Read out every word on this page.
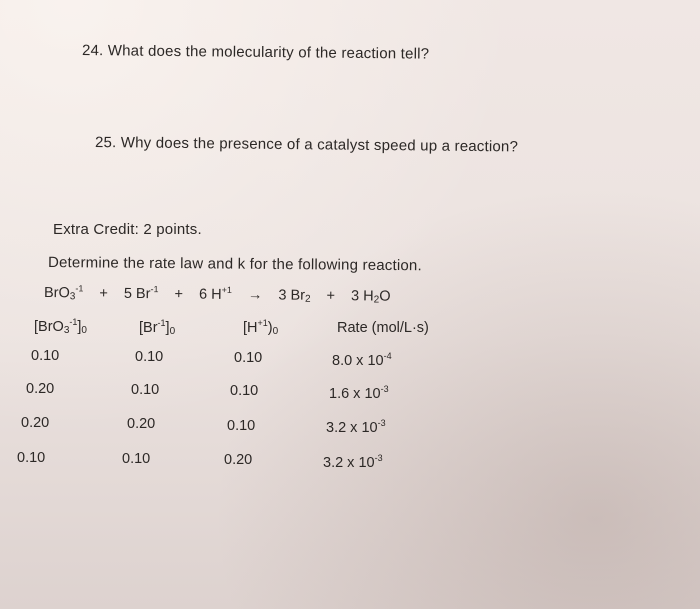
24. What does the molecularity of the reaction tell?
25. Why does the presence of a catalyst speed up a reaction?
Extra Credit: 2 points.
Determine the rate law and k for the following reaction.
BrO$_3^{-1}$ + 5 $Br^{-1} + 6$ $H^{+1} \to 3$ $Br_2 + 3$ $H_2O$
$[BrO_3^{-1}]_0$	$[Br^{-1}]_0$	$[H^{+1})_0$	Rate (mol/L·s)
0.10	0.10	0.10	8.0 x $10^{-4}$
0.20	0.10	0.10	1.6 x $10^{-3}$
0.20	0.20	0.10	3.2 x $10^{-3}$
0.10	0.10	0.20	3.2 x $10^{-3}$
